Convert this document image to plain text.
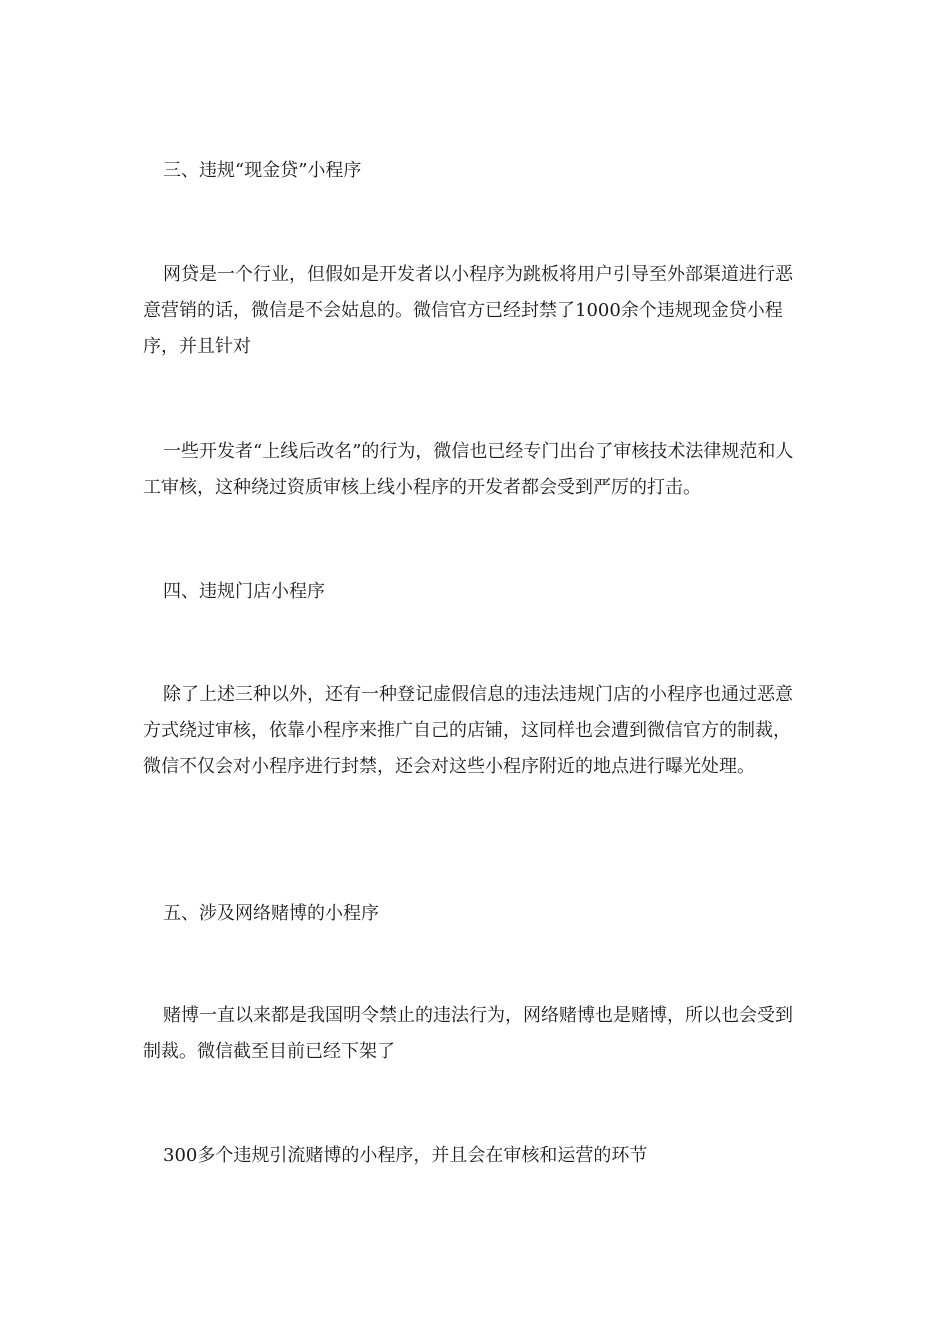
三、违规“现金贷”小程序

网贷是一个行业，但假如是开发者以小程序为跳板将用户引导至外部渠道进行恶意营销的话，微信是不会姑息的。微信官方已经封禁了1000余个违规现金贷小程序，并且针对

一些开发者“上线后改名”的行为，微信也已经专门出台了审核技术法律规范和人工审核，这种绕过资质审核上线小程序的开发者都会受到严厉的打击。

四、违规门店小程序

除了上述三种以外，还有一种登记虚假信息的违法违规门店的小程序也通过恶意方式绕过审核，依靠小程序来推广自己的店铺，这同样也会遭到微信官方的制裁，微信不仅会对小程序进行封禁，还会对这些小程序附近的地点进行曝光处理。

五、涉及网络赌博的小程序

赌博一直以来都是我国明令禁止的违法行为，网络赌博也是赌博，所以也会受到制裁。微信截至目前已经下架了

300多个违规引流赌博的小程序，并且会在审核和运营的环节
